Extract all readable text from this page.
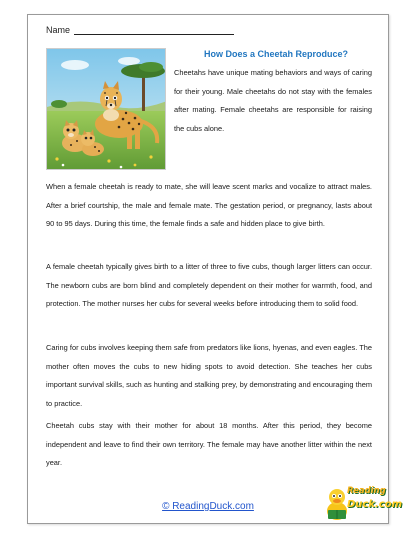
Name
How Does a Cheetah Reproduce?
Cheetahs have unique mating behaviors and ways of caring for their young. Male cheetahs do not stay with the females after mating. Female cheetahs are responsible for raising the cubs alone.
When a female cheetah is ready to mate, she will leave scent marks and vocalize to attract males. After a brief courtship, the male and female mate. The gestation period, or pregnancy, lasts about 90 to 95 days. During this time, the female finds a safe and hidden place to give birth.
A female cheetah typically gives birth to a litter of three to five cubs, though larger litters can occur. The newborn cubs are born blind and completely dependent on their mother for warmth, food, and protection. The mother nurses her cubs for several weeks before introducing them to solid food.
Caring for cubs involves keeping them safe from predators like lions, hyenas, and even eagles. The mother often moves the cubs to new hiding spots to avoid detection. She teaches her cubs important survival skills, such as hunting and stalking prey, by demonstrating and encouraging them to practice.
Cheetah cubs stay with their mother for about 18 months. After this period, they become independent and leave to find their own territory. The female may have another litter within the next year.
© ReadingDuck.com
Reading
Duck.com
